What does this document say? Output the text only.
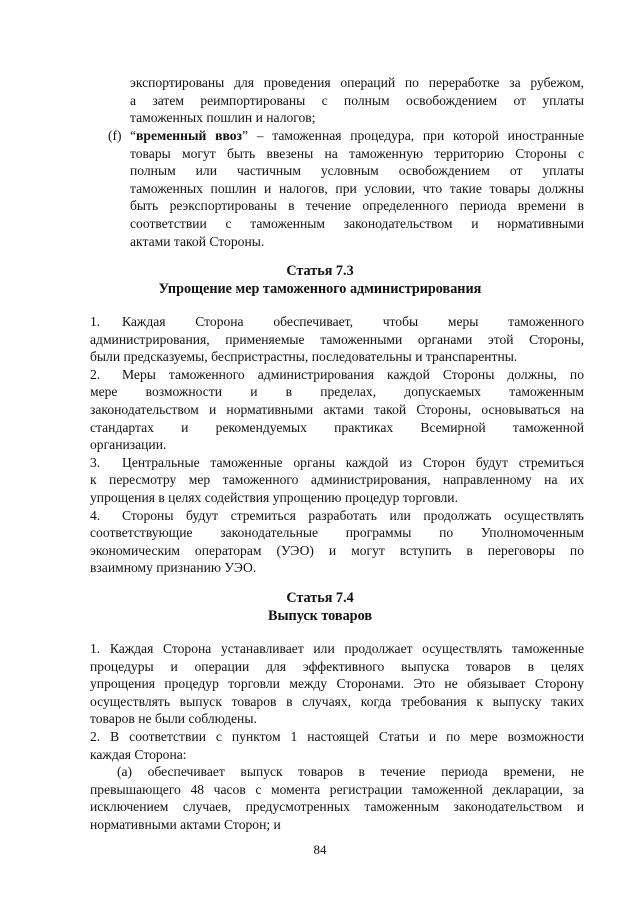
экспортированы для проведения операций по переработке за рубежом,
а затем реимпортированы с полным освобождением от уплаты
таможенных пошлин и налогов;
(f) “временный ввоз” – таможенная процедура, при которой иностранные
товары могут быть ввезены на таможенную территорию Стороны с
полным или частичным условным освобождением от уплаты
таможенных пошлин и налогов, при условии, что такие товары должны
быть реэкспортированы в течение определенного периода времени в
соответствии с таможенным законодательством и нормативными
актами такой Стороны.
Статья 7.3
Упрощение мер таможенного администрирования
1. Каждая Сторона обеспечивает, чтобы меры таможенного
администрирования, применяемые таможенными органами этой Стороны,
были предсказуемы, беспристрастны, последовательны и транспарентны.
2. Меры таможенного администрирования каждой Стороны должны, по
мере возможности и в пределах, допускаемых таможенным
законодательством и нормативными актами такой Стороны, основываться на
стандартах и рекомендуемых практиках Всемирной таможенной
организации.
3. Центральные таможенные органы каждой из Сторон будут стремиться
к пересмотру мер таможенного администрирования, направленному на их
упрощения в целях содействия упрощению процедур торговли.
4. Стороны будут стремиться разработать или продолжать осуществлять
соответствующие законодательные программы по Уполномоченным
экономическим операторам (УЭО) и могут вступить в переговоры по
взаимному признанию УЭО.
Статья 7.4
Выпуск товаров
1. Каждая Сторона устанавливает или продолжает осуществлять таможенные
процедуры и операции для эффективного выпуска товаров в целях
упрощения процедур торговли между Сторонами. Это не обязывает Сторону
осуществлять выпуск товаров в случаях, когда требования к выпуску таких
товаров не были соблюдены.
2. В соответствии с пунктом 1 настоящей Статьи и по мере возможности
каждая Сторона:
(а) обеспечивает выпуск товаров в течение периода времени, не
превышающего 48 часов с момента регистрации таможенной декларации, за
исключением случаев, предусмотренных таможенным законодательством и
нормативными актами Сторон; и
84
